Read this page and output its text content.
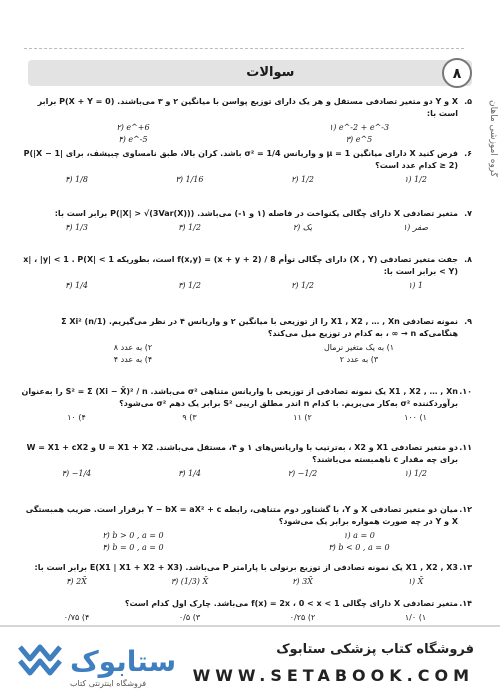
۸
سوالات
گروه آموزشی ماهان
۵.
X و Y دو متغیر تصادفی مستقل و هر یک دارای توزیع پواسن با میانگین ۲ و ۳ می‌باشند. P(X + Y = 0) برابر است با:
۱) e^-2 + e^-3
۲) e^+6
۳) e^5
۴) e^-5
۶.
فرض کنید X دارای میانگین μ = 1 و واریانس σ² = 1/4 باشد. کران بالا، طبق نامساوی چبیشف، برای P(|X − 1| ≥ 2) کدام عدد است؟
۱) 1/2
۲) 1/2
۳) 1/16
۴) 1/8
۷.
متغیر تصادفی X دارای چگالی یکنواخت در فاصله (۱ و ۱-) می‌باشد. P(|X| > √(3Var(X))) برابر است با:
۱) صفر
۲) یک
۳) 1/2
۴) 1/3
۸.
جفت متغیر تصادفی (X , Y) دارای چگالی توأم f(x,y) = (x + y + 2) / 8 است، بطوریکه 1 > |x| ، |y| < 1 . P(X < Y) برابر است با:
۱) 1
۲) 1/2
۳) 1/2
۴) 1/4
۹.
نمونه تصادفی X1 , X2 , … , Xn را از توزیعی با میانگین ۲ و واریانس ۴ در نظر می‌گیریم. (1/n) Σ Xi² هنگامی‌که n → ∞ ، به کدام در توزیع میل می‌کند؟
۱) به یک متغیر نرمال
۲) به عدد ۸
۳) به عدد ۲
۴) به عدد ۴
۱۰.
X1 , X2 , … , Xn یک نمونه تصادفی از توزیعی با واریانس متناهی σ² می‌باشد. S² = Σ (Xi − X̄)² / n را به‌عنوان برآوردکننده σ² به‌کار می‌بریم. با کدام n اندر مطلق اریبی S² برابر یک دهم σ² می‌شود؟
۱) ۱۰۰
۲) ۱۱
۳) ۹
۴) ۱۰
۱۱.
دو متغیر تصادفی X1 و X2 ، به‌ترتیب با واریانس‌های ۱ و ۴، مستقل می‌باشند. U = X1 + X2 و W = X1 + cX2 برای چه مقدار c ناهمبسته می‌باشند؟
۱) 1/2
۲) −1/2
۳) 1/4
۴) −1/4
۱۲.
میان دو متغیر تصادفی X و Y، با گشتاور دوم متناهی، رابطه Y − bX = aX² + c برقرار است. ضریب همبستگی X و Y در چه صورت همواره برابر یک می‌شود؟
۱) a = 0
۲) b > 0 , a = 0
۳) b < 0 , a = 0
۴) b = 0 , a = 0
۱۳.
X1 , X2 , X3 یک نمونه تصادفی از توزیع برنولی با پارامتر P می‌باشد. E(X1 | X1 + X2 + X3) برابر است با:
۱) X̄
۲) 3X̄
۳) (1/3) X̄
۴) 2X̄
۱۴.
متغیر تصادفی X دارای چگالی f(x) = 2x ، 0 < x < 1 می‌باشد. چارک اول کدام است؟
۱) ۱/۰
۲) ۰/۲۵
۳) ۰/۵
۴) ۰/۷۵
ستابوک
فروشگاه اینترنتی کتاب
فروشگاه کتاب پزشکی ستابوک
WWW.SETABOOK.COM
